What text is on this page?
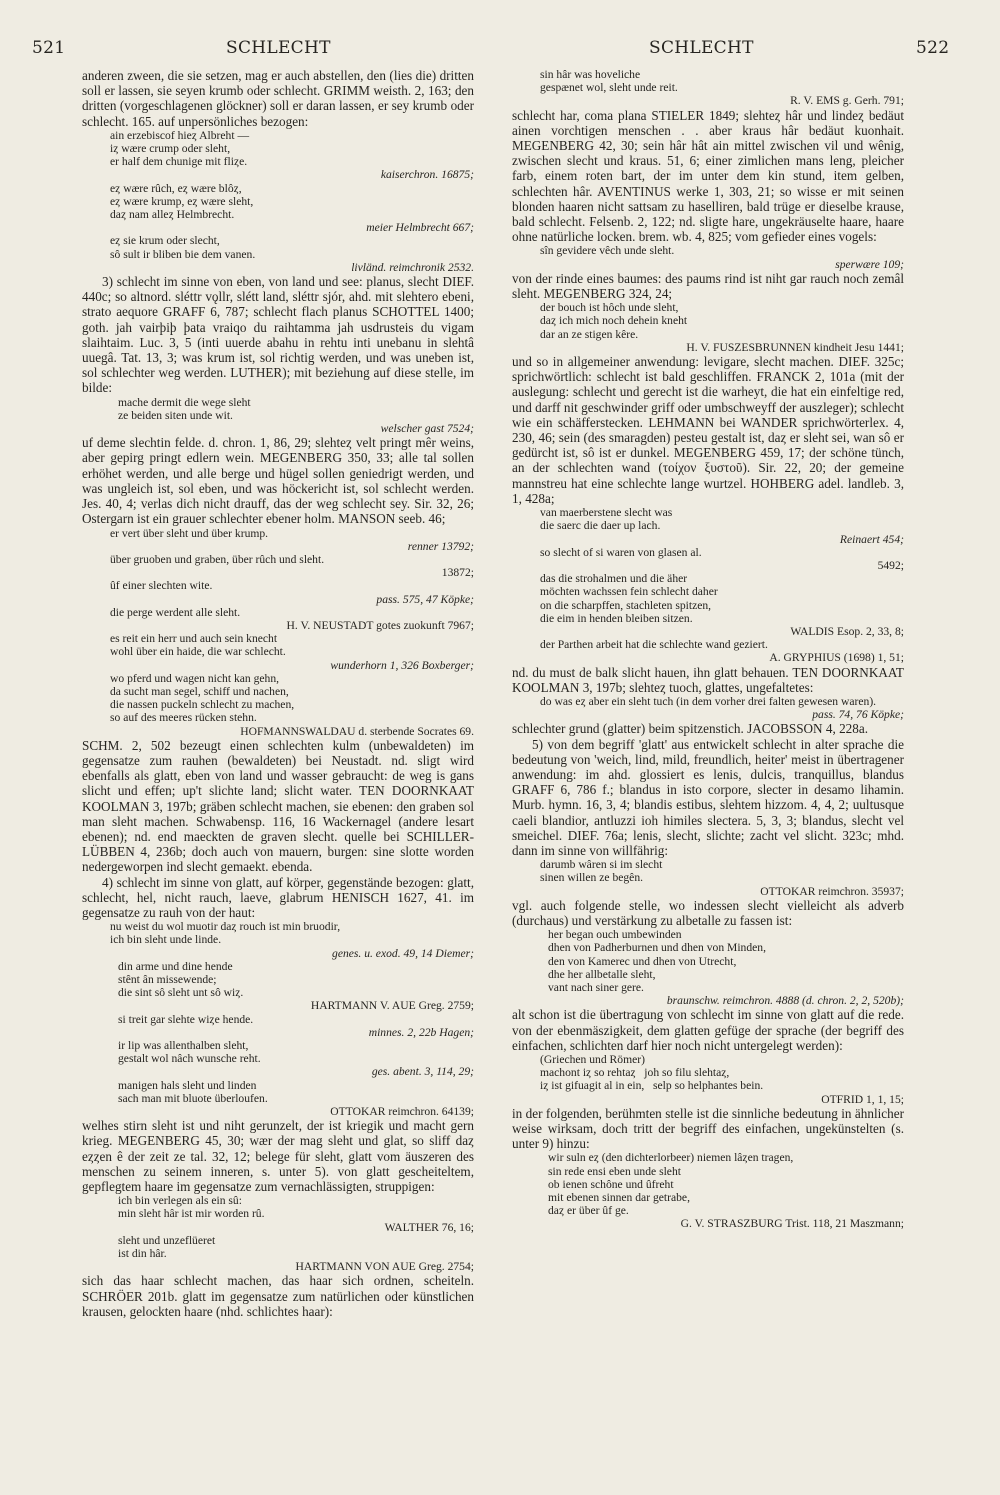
521	SCHLECHT	SCHLECHT	522

anderen zween, die sie setzen, mag er auch abstellen, den (lies die) dritten soll er lassen, sie seyen krumb oder schlecht. GRIMM weisth. 2, 163; den dritten (vorgeschlagenen glöckner) soll er daran lassen, er sey krumb oder schlecht. 165. auf unpersönliches bezogen:

ain erzebiscof hieȥ Albreht —
iȥ wære crump oder sleht,
er half dem chunige mit fliȥe.
kaiserchron. 16875;
eȥ wære rûch, eȥ wære blôȥ,
eȥ wære krump, eȥ wære sleht,
daȥ nam alleȥ Helmbrecht.
meier Helmbrecht 667;
eȥ sie krum oder slecht,
sô sult ir bliben bie dem vanen.
livländ. reimchronik 2532.

3) schlecht im sinne von eben, von land und see: planus, slecht DIEF. 440c; so altnord. sléttr vǫllr, slétt land, sléttr sjór, ahd. mit slehtero ebeni, strato aequore GRAFF 6, 787; schlecht flach planus SCHOTTEL 1400; goth. jah vairþiþ þata vraiqo du raihtamma jah usdrusteis du vigam slaihtaim. Luc. 3, 5 (inti uuerde abahu in rehtu inti unebanu in slehtâ uuegâ. Tat. 13, 3; was krum ist, sol richtig werden, und was uneben ist, sol schlechter weg werden. LUTHER); mit beziehung auf diese stelle, im bilde:

mache dermit die wege sleht
ze beiden siten unde wit.
welscher gast 7524;

uf deme slechtin felde. d. chron. 1, 86, 29; slehteȥ velt pringt mêr weins, aber gepirg pringt edlern wein. MEGENBERG 350, 33; alle tal sollen erhöhet werden, und alle berge und hügel sollen geniedrigt werden, und was ungleich ist, sol eben, und was höckericht ist, sol schlecht werden. Jes. 40, 4; verlas dich nicht drauff, das der weg schlecht sey. Sir. 32, 26; Ostergarn ist ein grauer schlechter ebener holm. MANSON seeb. 46;

er vert über sleht und über krump.
renner 13792;
über gruoben und graben, über rûch und sleht.
13872;
ûf einer slechten wite.
pass. 575, 47 Köpke;
die perge werdent alle sleht.
H. V. NEUSTADT gotes zuokunft 7967;
es reit ein herr und auch sein knecht
wohl über ein haide, die war schlecht.
wunderhorn 1, 326 Boxberger;
wo pferd und wagen nicht kan gehn,
da sucht man segel, schiff und nachen,
die nassen puckeln schlecht zu machen,
so auf des meeres rücken stehn.
HOFMANNSWALDAU d. sterbende Socrates 69.

SCHM. 2, 502 bezeugt einen schlechten kulm (unbewaldeten) im gegensatze zum rauhen (bewaldeten) bei Neustadt. nd. sligt wird ebenfalls als glatt, eben von land und wasser gebraucht: de weg is gans slicht und effen; up't slichte land; slicht water. TEN DOORNKAAT KOOLMAN 3, 197b; gräben schlecht machen, sie ebenen: den graben sol man sleht machen. Schwabensp. 116, 16 Wackernagel (andere lesart ebenen); nd. end maeckten de graven slecht. quelle bei SCHILLER-LÜBBEN 4, 236b; doch auch von mauern, burgen: sine slotte worden nedergeworpen ind slecht gemaekt. ebenda.

4) schlecht im sinne von glatt, auf körper, gegenstände bezogen: glatt, schlecht, hel, nicht rauch, laeve, glabrum HENISCH 1627, 41. im gegensatze zu rauh von der haut:

nu weist du wol muotir daȥ rouch ist min bruodir,
ich bin sleht unde linde.
genes. u. exod. 49, 14 Diemer;
din arme und dine hende
stênt ân missewende;
die sint sô sleht unt sô wiȥ.
HARTMANN V. AUE Greg. 2759;
si treit gar slehte wiȥe hende.
minnes. 2, 22b Hagen;
ir lip was allenthalben sleht,
gestalt wol nâch wunsche reht.
ges. abent. 3, 114, 29;
manigen hals sleht und linden
sach man mit bluote überloufen.
OTTOKAR reimchron. 64139;

welhes stirn sleht ist und niht gerunzelt, der ist kriegik und macht gern krieg. MEGENBERG 45, 30; wær der mag sleht und glat, so sliff daȥ eȥȥen ê der zeit ze tal. 32, 12; belege für sleht, glatt vom äuszeren des menschen zu seinem inneren, s. unter 5). von glatt gescheiteltem, gepflegtem haare im gegensatze zum vernachlässigten, struppigen:

ich bin verlegen als ein sû:
min sleht hâr ist mir worden rû.
WALTHER 76, 16;
sleht und unzeflüeret
ist din hâr.
HARTMANN VON AUE Greg. 2754;

sich das haar schlecht machen, das haar sich ordnen, scheiteln. SCHRÖER 201b. glatt im gegensatze zum natürlichen oder künstlichen krausen, gelockten haare (nhd. schlichtes haar):

sin hâr was hoveliche
gespænet wol, sleht unde reit.
R. V. EMS g. Gerh. 791;

schlecht har, coma plana STIELER 1849; slehteȥ hâr und lindeȥ bedäut ainen vorchtigen menschen . . aber kraus hâr bedäut kuonhait. MEGENBERG 42, 30; sein hâr hât ain mittel zwischen vil und wênig, zwischen slecht und kraus. 51, 6; einer zimlichen mans leng, pleicher farb, einem roten bart, der im unter dem kin stund, item gelben, schlechten hâr. AVENTINUS werke 1, 303, 21; so wisse er mit seinen blonden haaren nicht sattsam zu haselliren, bald trüge er dieselbe krause, bald schlecht. Felsenb. 2, 122; nd. sligte hare, ungekräuselte haare, haare ohne natürliche locken. brem. wb. 4, 825; vom gefieder eines vogels:

sîn gevidere vêch unde sleht.
sperwære 109;

von der rinde eines baumes: des paums rind ist niht gar rauch noch zemâl sleht. MEGENBERG 324, 24;

der bouch ist hôch unde sleht,
daȥ ich mich noch dehein kneht
dar an ze stigen kêre.
H. V. FUSZESBRUNNEN kindheit Jesu 1441;

und so in allgemeiner anwendung: levigare, slecht machen. DIEF. 325c; sprichwörtlich: schlecht ist bald geschliffen. FRANCK 2, 101a (mit der auslegung: schlecht und gerecht ist die warheyt, die hat ein einfeltige red, und darff nit geschwinder griff oder umbschweyff der auszleger); schlecht wie ein schäfferstecken. LEHMANN bei WANDER sprichwörterlex. 4, 230, 46; sein (des smaragden) pesteu gestalt ist, daȥ er sleht sei, wan sô er gedürcht ist, sô ist er dunkel. MEGENBERG 459, 17; der schöne tünch, an der schlechten wand (τοίχον ξυστοῦ). Sir. 22, 20; der gemeine mannstreu hat eine schlechte lange wurtzel. HOHBERG adel. landleb. 3, 1, 428a;

van maerberstene slecht was
die saerc die daer up lach.
Reinaert 454;
so slecht of si waren von glasen al.
5492;
das die strohalmen und die äher
möchten wachssen fein schlecht daher
on die scharpffen, stachleten spitzen,
die eim in henden bleiben sitzen.
WALDIS Esop. 2, 33, 8;
der Parthen arbeit hat die schlechte wand geziert.
A. GRYPHIUS (1698) 1, 51;

nd. du must de balk slicht hauen, ihn glatt behauen. TEN DOORNKAAT KOOLMAN 3, 197b; slehteȥ tuoch, glattes, ungefaltetes:

do was eȥ aber ein sleht tuch (in dem vorher drei falten gewesen waren).
pass. 74, 76 Köpke;

schlechter grund (glatter) beim spitzenstich. JACOBSSON 4, 228a.

5) von dem begriff 'glatt' aus entwickelt schlecht in alter sprache die bedeutung von 'weich, lind, mild, freundlich, heiter' meist in übertragener anwendung: im ahd. glossiert es lenis, dulcis, tranquillus, blandus GRAFF 6, 786 f.; blandus in isto corpore, slecter in desamo lihamin. Murb. hymn. 16, 3, 4; blandis estibus, slehtem hizzom. 4, 4, 2; uultusque caeli blandior, antluzzi ioh himiles slectera. 5, 3, 3; blandus, slecht vel smeichel. DIEF. 76a; lenis, slecht, slichte; zacht vel slicht. 323c; mhd. dann im sinne von willfährig:

darumb wâren si im slecht
sinen willen ze begên.
OTTOKAR reimchron. 35937;

vgl. auch folgende stelle, wo indessen slecht vielleicht als adverb (durchaus) und verstärkung zu albetalle zu fassen ist:

her began ouch umbewinden
dhen von Padherburnen und dhen von Minden,
den von Kamerec und dhen von Utrecht,
dhe her allbetalle sleht,
vant nach siner gere.
braunschw. reimchron. 4888 (d. chron. 2, 2, 520b);

alt schon ist die übertragung von schlecht im sinne von glatt auf die rede. von der ebenmäszigkeit, dem glatten gefüge der sprache (der begriff des einfachen, schlichten darf hier noch nicht untergelegt werden):

(Griechen und Römer)
machont iȥ so rehtaȥ   joh so filu slehtaȥ,
iȥ ist gifuagit al in ein,   selp so helphantes bein.
OTFRID 1, 1, 15;

in der folgenden, berühmten stelle ist die sinnliche bedeutung in ähnlicher weise wirksam, doch tritt der begriff des einfachen, ungekünstelten (s. unter 9) hinzu:

wir suln eȥ (den dichterlorbeer) niemen lâȥen tragen,
sin rede ensi eben unde sleht
ob ienen schône und ûfreht
mit ebenen sinnen dar getrabe,
daȥ er über ûf ge.
G. V. STRASZBURG Trist. 118, 21 Maszmann;
